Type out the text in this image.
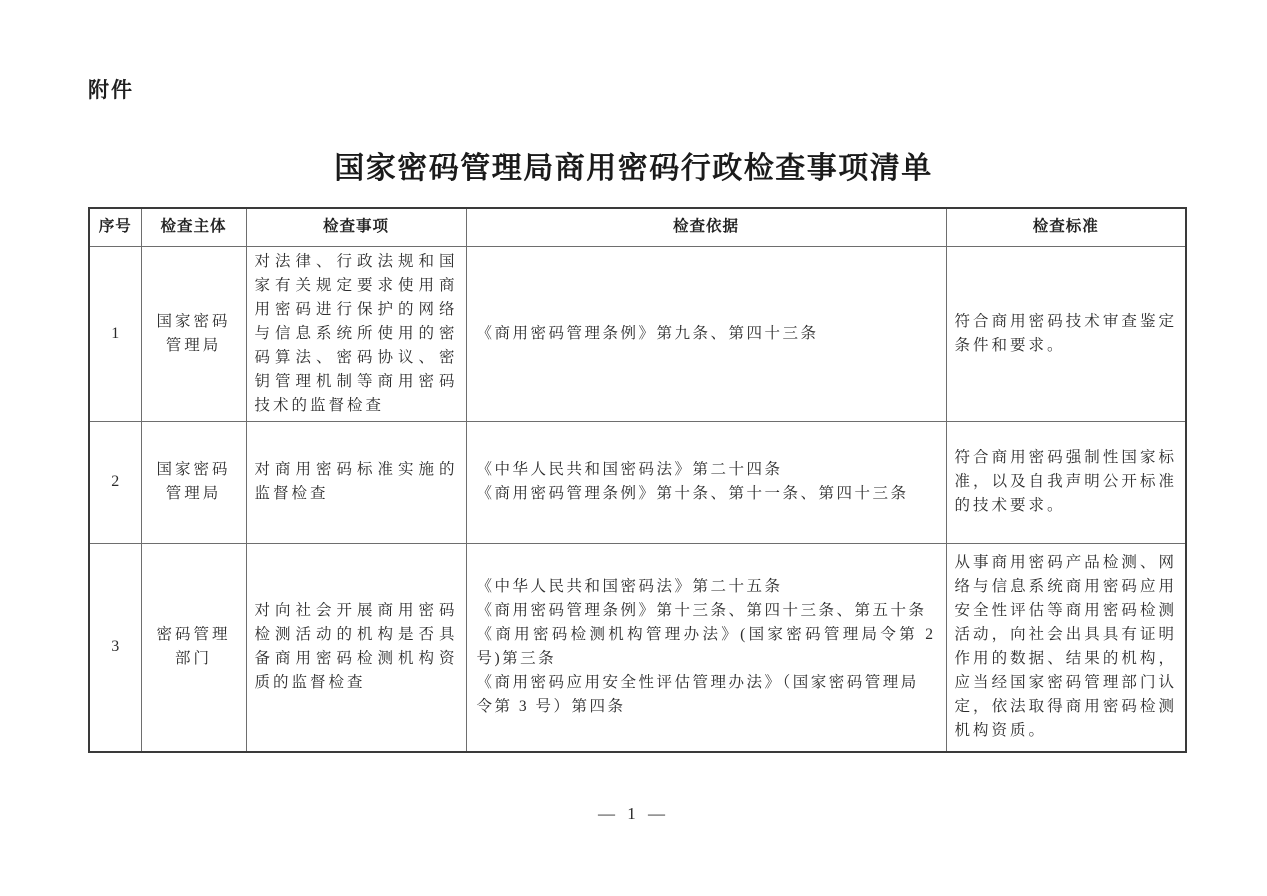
附件
国家密码管理局商用密码行政检查事项清单
序号	检查主体	检查事项	检查依据	检查标准
1	国家密码管理局	对法律、行政法规和国家有关规定要求使用商用密码进行保护的网络与信息系统所使用的密码算法、密码协议、密钥管理机制等商用密码技术的监督检查	《商用密码管理条例》第九条、第四十三条	符合商用密码技术审查鉴定条件和要求。
2	国家密码管理局	对商用密码标准实施的监督检查	《中华人民共和国密码法》第二十四条
《商用密码管理条例》第十条、第十一条、第四十三条	符合商用密码强制性国家标准，以及自我声明公开标准的技术要求。
3	密码管理部门	对向社会开展商用密码检测活动的机构是否具备商用密码检测机构资质的监督检查	《中华人民共和国密码法》第二十五条
《商用密码管理条例》第十三条、第四十三条、第五十条
《商用密码检测机构管理办法》(国家密码管理局令第 2 号)第三条
《商用密码应用安全性评估管理办法》（国家密码管理局令第 3 号）第四条	从事商用密码产品检测、网络与信息系统商用密码应用安全性评估等商用密码检测活动，向社会出具具有证明作用的数据、结果的机构，应当经国家密码管理部门认定，依法取得商用密码检测机构资质。
— 1 —
